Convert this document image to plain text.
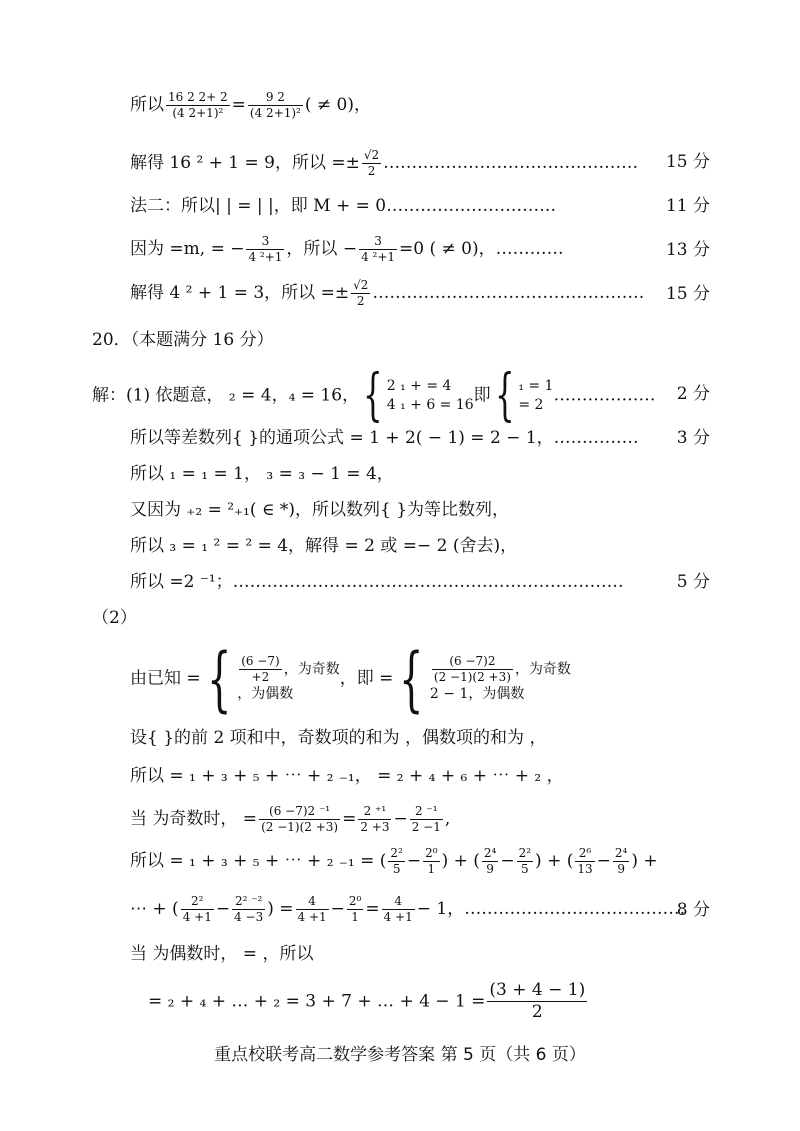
所以 $\frac{16 2 2+ 2}{\text{(4 2+1)²}} = \frac{9 2}{\text{(4 2+1)²}}$ ( ≠ 0)，
解得 16 ² + 1 = 9，所以 =± $\frac{√2}{2}$ ……………………………………… 15 分
法二：所以| | = | |，即 M + = 0…………………………	11 分
因为 =m, = − $\frac{3}{\text{4 ²+1}}$ ，所以 − $\frac{3}{\text{4 ²+1}} =0$ ( ≠ 0)，…………	13 分
解得 4 ² + 1 = 3，所以 =± $\frac{√2}{2}$ ………………………………………… 15 分
20．（本题满分 16 分）
解：(1) 依题意， ₂ = 4，₄ = 16，{ 2 ₁ + = 4
4 ₁ + 6 = 16 即{ ₁ = 1
= 2 ……………… 2 分
所以等差数列{ }的通项公式 = 1 + 2( − 1) = 2 − 1，…………… 3 分
所以 ₁ = ₁ = 1， ₃ = ₃ − 1 = 4，
又因为 ₊₂ = ²₊₁( ∈ *)，所以数列{ }为等比数列，
所以 ₃ = ₁ ² = ² = 4，解得 = 2 或 =− 2 (舍去)，
所以 =2 ⁻¹；……………………………………………………………	5 分
（2）
由已知 ={ $\frac{(6 -7)}{+2}$ ，为奇数
，为偶数
，即 ={ $\frac{(6 -7)2}{(2 -1)(2 +3)}$ ，为奇数
2 − 1，为偶数
设{ }的前 2 项和中，奇数项的和为 ，偶数项的和为 ，
所以 = ₁ + ₃ + ₅ + ⋯ + ₂ ₋₁， = ₂ + ₄ + ₆ + ⋯ + ₂ ，
当 为奇数时， = $\frac{\text{(6 −7)2 ⁻¹}}{(2 -1)(2 +3)} = \frac{\text{2 ⁺¹}}{2 +3} - \frac{\text{2 ⁻¹}}{2 -1}$ ,
所以 = ₁ + ₃ + ₅ + ⋯ + ₂ ₋₁ = ( $\frac{\text{2²}}{5} - \frac{\text{2⁰}}{1}$ ) + ( $\frac{\text{2⁴}}{9} - \frac{\text{2²}}{5}$ ) + ( $\frac{\text{2⁶}}{13} - \frac{\text{2⁴}}{9}$ ) +
⋯ + ( $\frac{\text{2²}}{4 +1} - \frac{\text{2² ⁻²}}{4 -3}$ ) = $\frac{4}{4 +1} - \frac{\text{2⁰}}{1} = \frac{4}{4 +1} - 1$，…………………………………
8 分
当 为偶数时， = ，所以
= ₂ + ₄ + … + ₂ = 3 + 7 + … + $4 - 1 = \frac{(3 + 4 - 1)}{2}$
重点校联考高二数学参考答案 第 5 页（共 6 页）
